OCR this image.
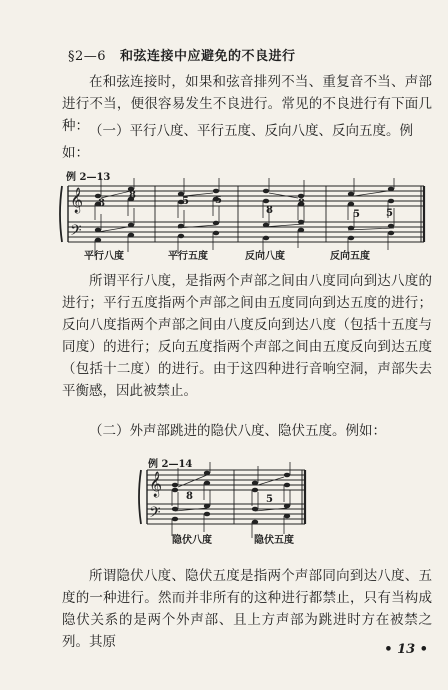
§2—6 和弦连接中应避免的不良进行
在和弦连接时，如果和弦音排列不当、重复音不当、声部进行不当，便很容易发生不良进行。常见的不良进行有下面几种： （一）平行八度、平行五度、反向八度、反向五度。例如：
例 2—13
𝄞
𝄢
8
8
5	5
8
8
5	5
平行八度	平行五度	反向八度	反向五度
所谓平行八度，是指两个声部之间由八度同向到达八度的进行；平行五度指两个声部之间由五度同向到达五度的进行；反向八度指两个声部之间由八度反向到达八度（包括十五度与同度）的进行；反向五度指两个声部之间由五度反向到达五度（包括十二度）的进行。由于这四种进行音响空洞，声部失去平衡感，因此被禁止。
（二）外声部跳进的隐伏八度、隐伏五度。例如：
例 2—14
𝄞
𝄢
8	5
隐伏八度	隐伏五度
所谓隐伏八度、隐伏五度是指两个声部同向到达八度、五度的一种进行。然而并非所有的这种进行都禁止，只有当构成隐伏关系的是两个外声部、且上方声部为跳进时方在被禁之列。其原	• 13 •
